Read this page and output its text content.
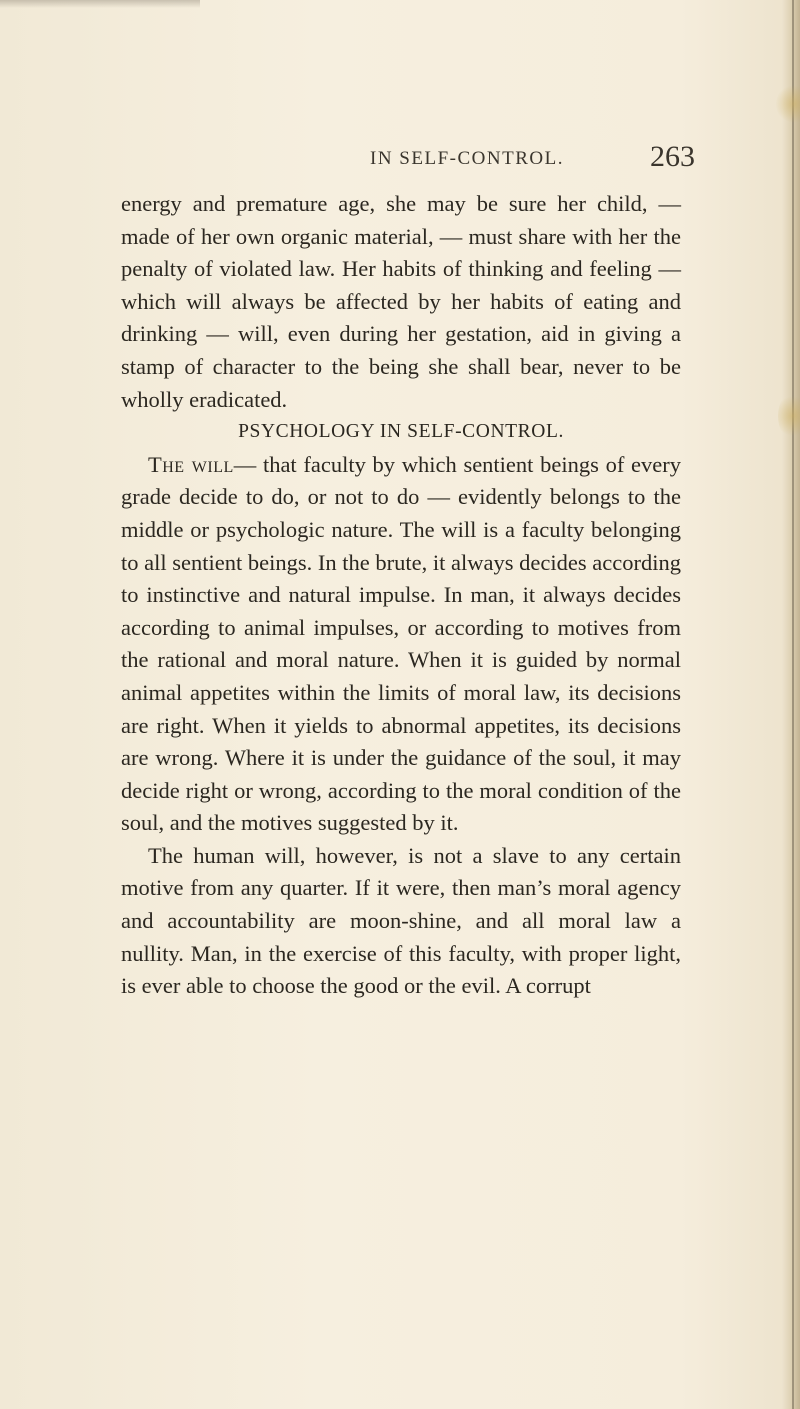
IN SELF-CONTROL.	263

energy and premature age, she may be sure her child, — made of her own organic material, — must share with her the penalty of violated law. Her habits of thinking and feeling — which will always be affected by her habits of eating and drinking — will, even during her gestation, aid in giving a stamp of character to the being she shall bear, never to be wholly eradicated.

PSYCHOLOGY IN SELF-CONTROL.

The will— that faculty by which sentient beings of every grade decide to do, or not to do — evidently belongs to the middle or psychologic nature. The will is a faculty belonging to all sentient beings. In the brute, it always decides according to instinctive and natural impulse. In man, it always decides according to animal impulses, or according to motives from the rational and moral nature. When it is guided by normal animal appetites within the limits of moral law, its decisions are right. When it yields to abnormal appetites, its decisions are wrong. Where it is under the guidance of the soul, it may decide right or wrong, according to the moral condition of the soul, and the motives suggested by it.

The human will, however, is not a slave to any certain motive from any quarter. If it were, then man’s moral agency and accountability are moon-shine, and all moral law a nullity. Man, in the exercise of this faculty, with proper light, is ever able to choose the good or the evil. A corrupt
